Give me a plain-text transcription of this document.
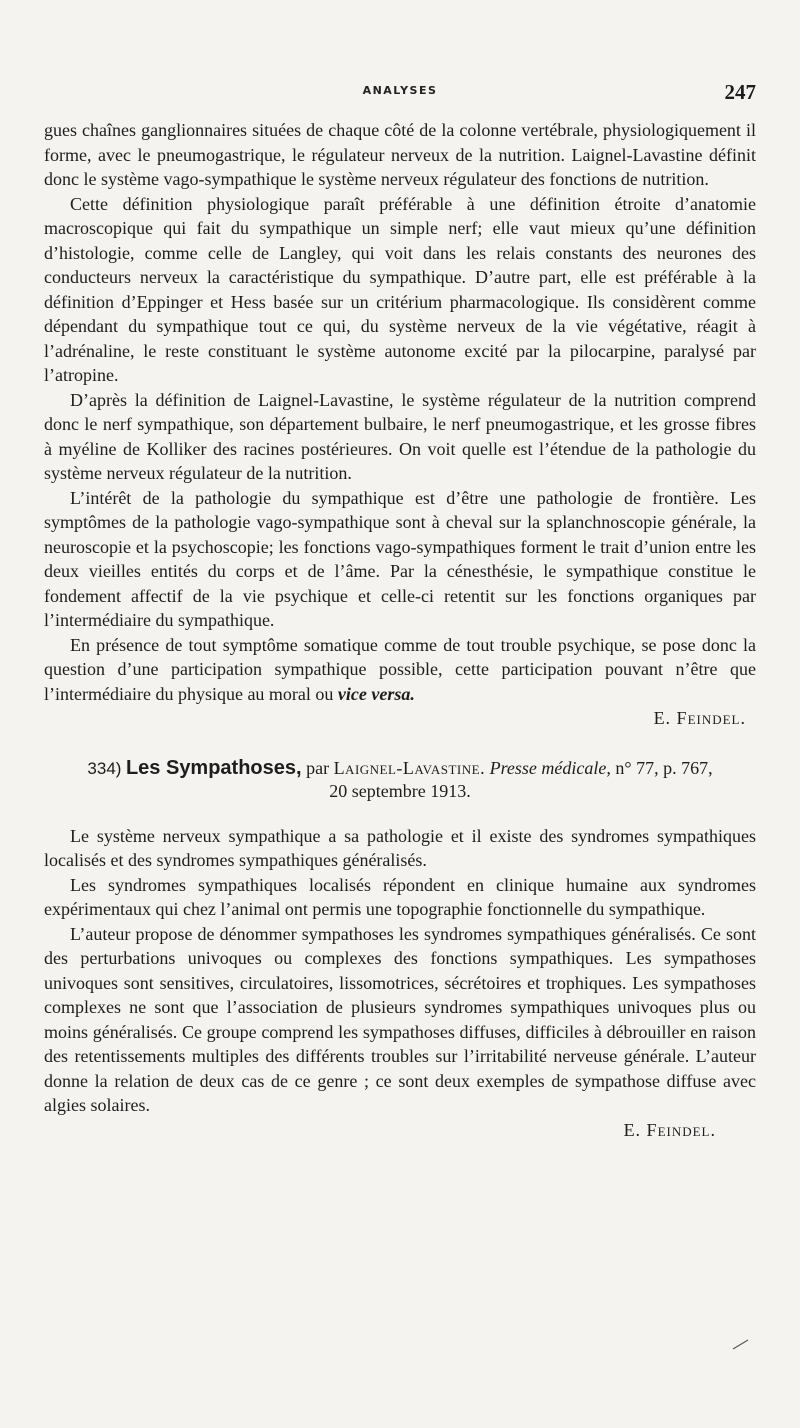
ANALYSES	247

gues chaînes ganglionnaires situées de chaque côté de la colonne vertébrale, physiologiquement il forme, avec le pneumogastrique, le régulateur nerveux de la nutrition. Laignel-Lavastine définit donc le système vago-sympathique le système nerveux régulateur des fonctions de nutrition.

Cette définition physiologique paraît préférable à une définition étroite d’anatomie macroscopique qui fait du sympathique un simple nerf; elle vaut mieux qu’une définition d’histologie, comme celle de Langley, qui voit dans les relais constants des neurones des conducteurs nerveux la caractéristique du sympathique. D’autre part, elle est préférable à la définition d’Eppinger et Hess basée sur un critérium pharmacologique. Ils considèrent comme dépendant du sympathique tout ce qui, du système nerveux de la vie végétative, réagit à l’adrénaline, le reste constituant le système autonome excité par la pilocarpine, paralysé par l’atropine.

D’après la définition de Laignel-Lavastine, le système régulateur de la nutrition comprend donc le nerf sympathique, son département bulbaire, le nerf pneumogastrique, et les grosse fibres à myéline de Kolliker des racines postérieures. On voit quelle est l’étendue de la pathologie du système nerveux régulateur de la nutrition.

L’intérêt de la pathologie du sympathique est d’être une pathologie de frontière. Les symptômes de la pathologie vago-sympathique sont à cheval sur la splanchnoscopie générale, la neuroscopie et la psychoscopie; les fonctions vago-sympathiques forment le trait d’union entre les deux vieilles entités du corps et de l’âme. Par la cénesthésie, le sympathique constitue le fondement affectif de la vie psychique et celle-ci retentit sur les fonctions organiques par l’intermédiaire du sympathique.

En présence de tout symptôme somatique comme de tout trouble psychique, se pose donc la question d’une participation sympathique possible, cette participation pouvant n’être que l’intermédiaire du physique au moral ou vice versa.

E. Feindel.

334) Les Sympathoses, par Laignel-Lavastine. Presse médicale, n° 77, p. 767,
20 septembre 1913.

Le système nerveux sympathique a sa pathologie et il existe des syndromes sympathiques localisés et des syndromes sympathiques généralisés.

Les syndromes sympathiques localisés répondent en clinique humaine aux syndromes expérimentaux qui chez l’animal ont permis une topographie fonctionnelle du sympathique.

L’auteur propose de dénommer sympathoses les syndromes sympathiques généralisés. Ce sont des perturbations univoques ou complexes des fonctions sympathiques. Les sympathoses univoques sont sensitives, circulatoires, lissomotrices, sécrétoires et trophiques. Les sympathoses complexes ne sont que l’association de plusieurs syndromes sympathiques univoques plus ou moins généralisés. Ce groupe comprend les sympathoses diffuses, difficiles à débrouiller en raison des retentissements multiples des différents troubles sur l’irritabilité nerveuse générale. L’auteur donne la relation de deux cas de ce genre ; ce sont deux exemples de sympathose diffuse avec algies solaires.

E. Feindel.
